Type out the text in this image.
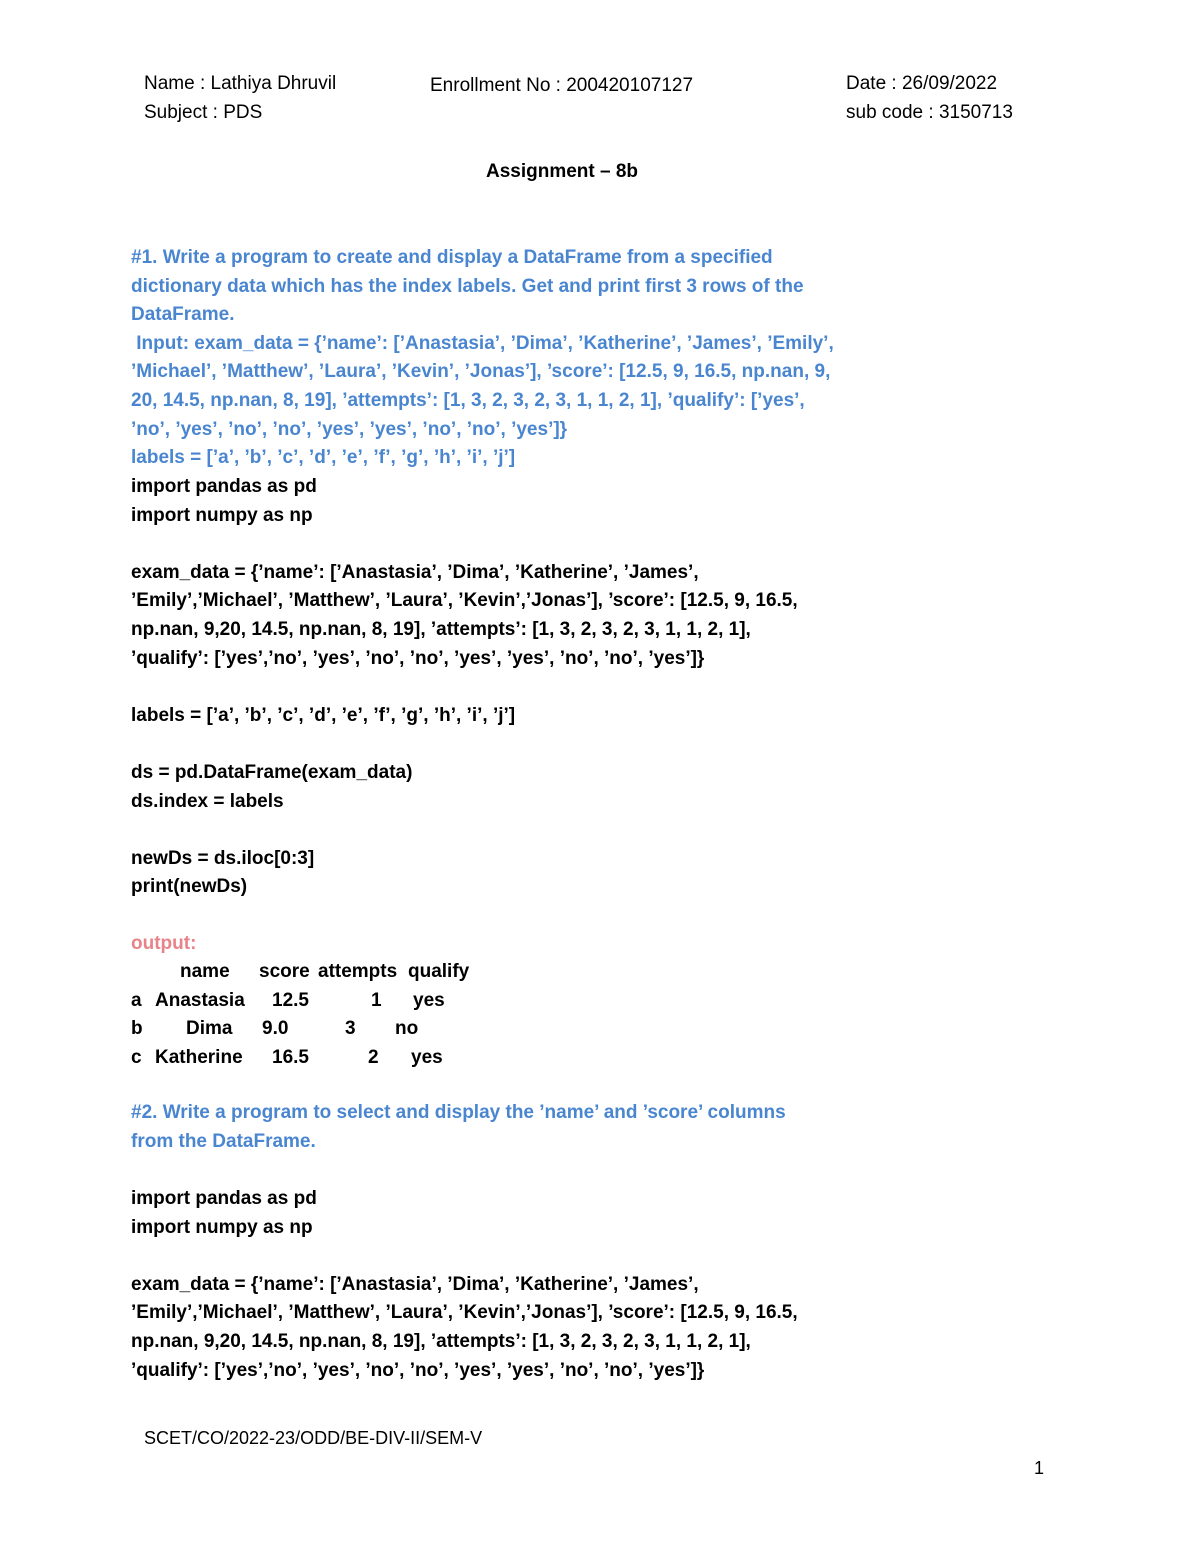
Name : Lathiya Dhruvil
Subject : PDS
Enrollment No : 200420107127	Date : 26/09/2022
sub code : 3150713
Assignment – 8b
#1. Write a program to create and display a DataFrame from a specified
dictionary data which has the index labels. Get and print first 3 rows of the
DataFrame.
Input: exam_data = {’name’: [’Anastasia’, ’Dima’, ’Katherine’, ’James’, ’Emily’,
’Michael’, ’Matthew’, ’Laura’, ’Kevin’, ’Jonas’], ’score’: [12.5, 9, 16.5, np.nan, 9,
20, 14.5, np.nan, 8, 19], ’attempts’: [1, 3, 2, 3, 2, 3, 1, 1, 2, 1], ’qualify’: [’yes’,
’no’, ’yes’, ’no’, ’no’, ’yes’, ’yes’, ’no’, ’no’, ’yes’]}
labels = [’a’, ’b’, ’c’, ’d’, ’e’, ’f’, ’g’, ’h’, ’i’, ’j’]
import pandas as pd
import numpy as np
exam_data = {’name’: [’Anastasia’, ’Dima’, ’Katherine’, ’James’,
’Emily’,’Michael’, ’Matthew’, ’Laura’, ’Kevin’,’Jonas’], ’score’: [12.5, 9, 16.5,
np.nan, 9,20, 14.5, np.nan, 8, 19], ’attempts’: [1, 3, 2, 3, 2, 3, 1, 1, 2, 1],
’qualify’: [’yes’,’no’, ’yes’, ’no’, ’no’, ’yes’, ’yes’, ’no’, ’no’, ’yes’]}
labels = [’a’, ’b’, ’c’, ’d’, ’e’, ’f’, ’g’, ’h’, ’i’, ’j’]
ds = pd.DataFrame(exam_data)
ds.index = labels
newDs = ds.iloc[0:3]
print(newDs)
output:
name score attempts qualify
a Anastasia 12.5	1 yes
b Dima 9.0	3 no
c Katherine 16.5	2 yes
#2. Write a program to select and display the ’name’ and ’score’ columns
from the DataFrame.
import pandas as pd
import numpy as np
exam_data = {’name’: [’Anastasia’, ’Dima’, ’Katherine’, ’James’,
’Emily’,’Michael’, ’Matthew’, ’Laura’, ’Kevin’,’Jonas’], ’score’: [12.5, 9, 16.5,
np.nan, 9,20, 14.5, np.nan, 8, 19], ’attempts’: [1, 3, 2, 3, 2, 3, 1, 1, 2, 1],
’qualify’: [’yes’,’no’, ’yes’, ’no’, ’no’, ’yes’, ’yes’, ’no’, ’no’, ’yes’]}
SCET/CO/2022-23/ODD/BE-DIV-II/SEM-V
1
